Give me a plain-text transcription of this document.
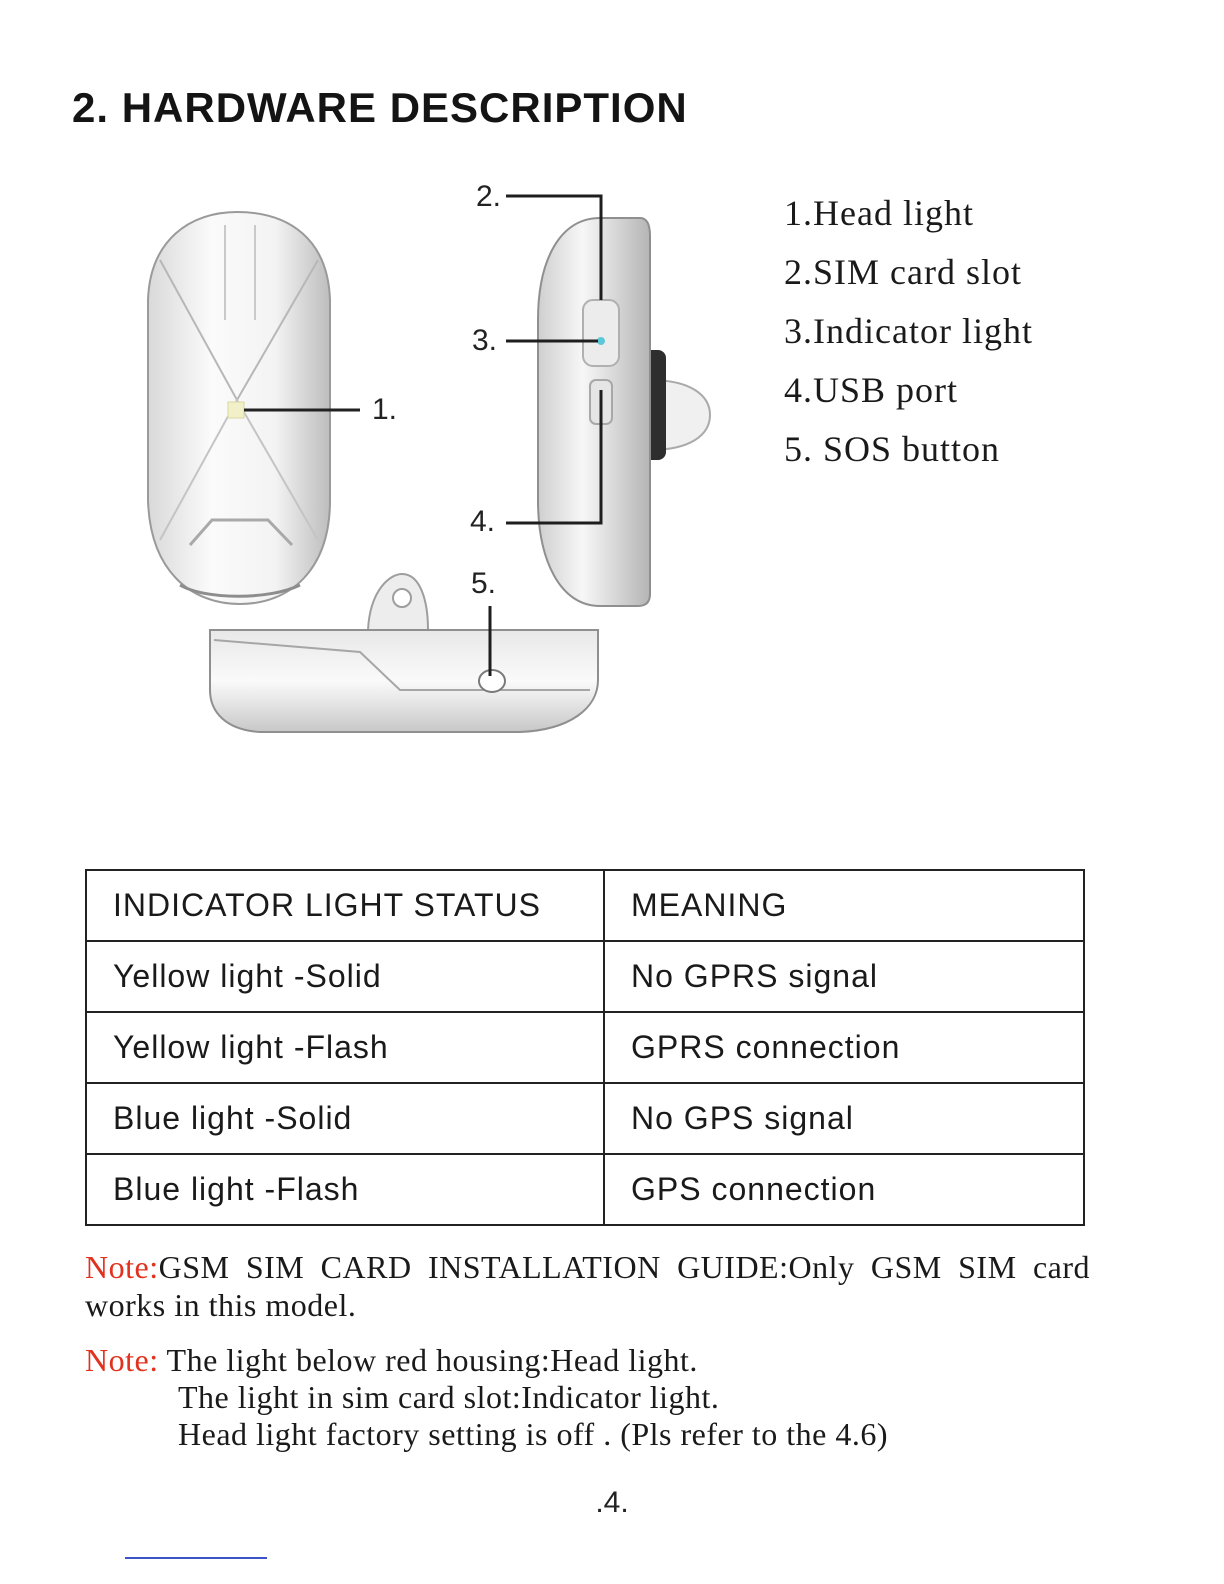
2. HARDWARE DESCRIPTION
1.
2.
3.
4.
5.
1.Head light
2.SIM card slot
3.Indicator light
4.USB port
5. SOS button
INDICATOR LIGHT STATUS	MEANING
Yellow light -Solid	No GPRS signal
Yellow light -Flash	GPRS connection
Blue light -Solid	No GPS signal
Blue light -Flash	GPS connection
Note:GSM SIM CARD INSTALLATION GUIDE:Only GSM SIM card works in this model.
Note: The light below red housing:Head light.
The light in sim card slot:Indicator light.
Head light factory setting is off . (Pls refer to the 4.6)
.4.
